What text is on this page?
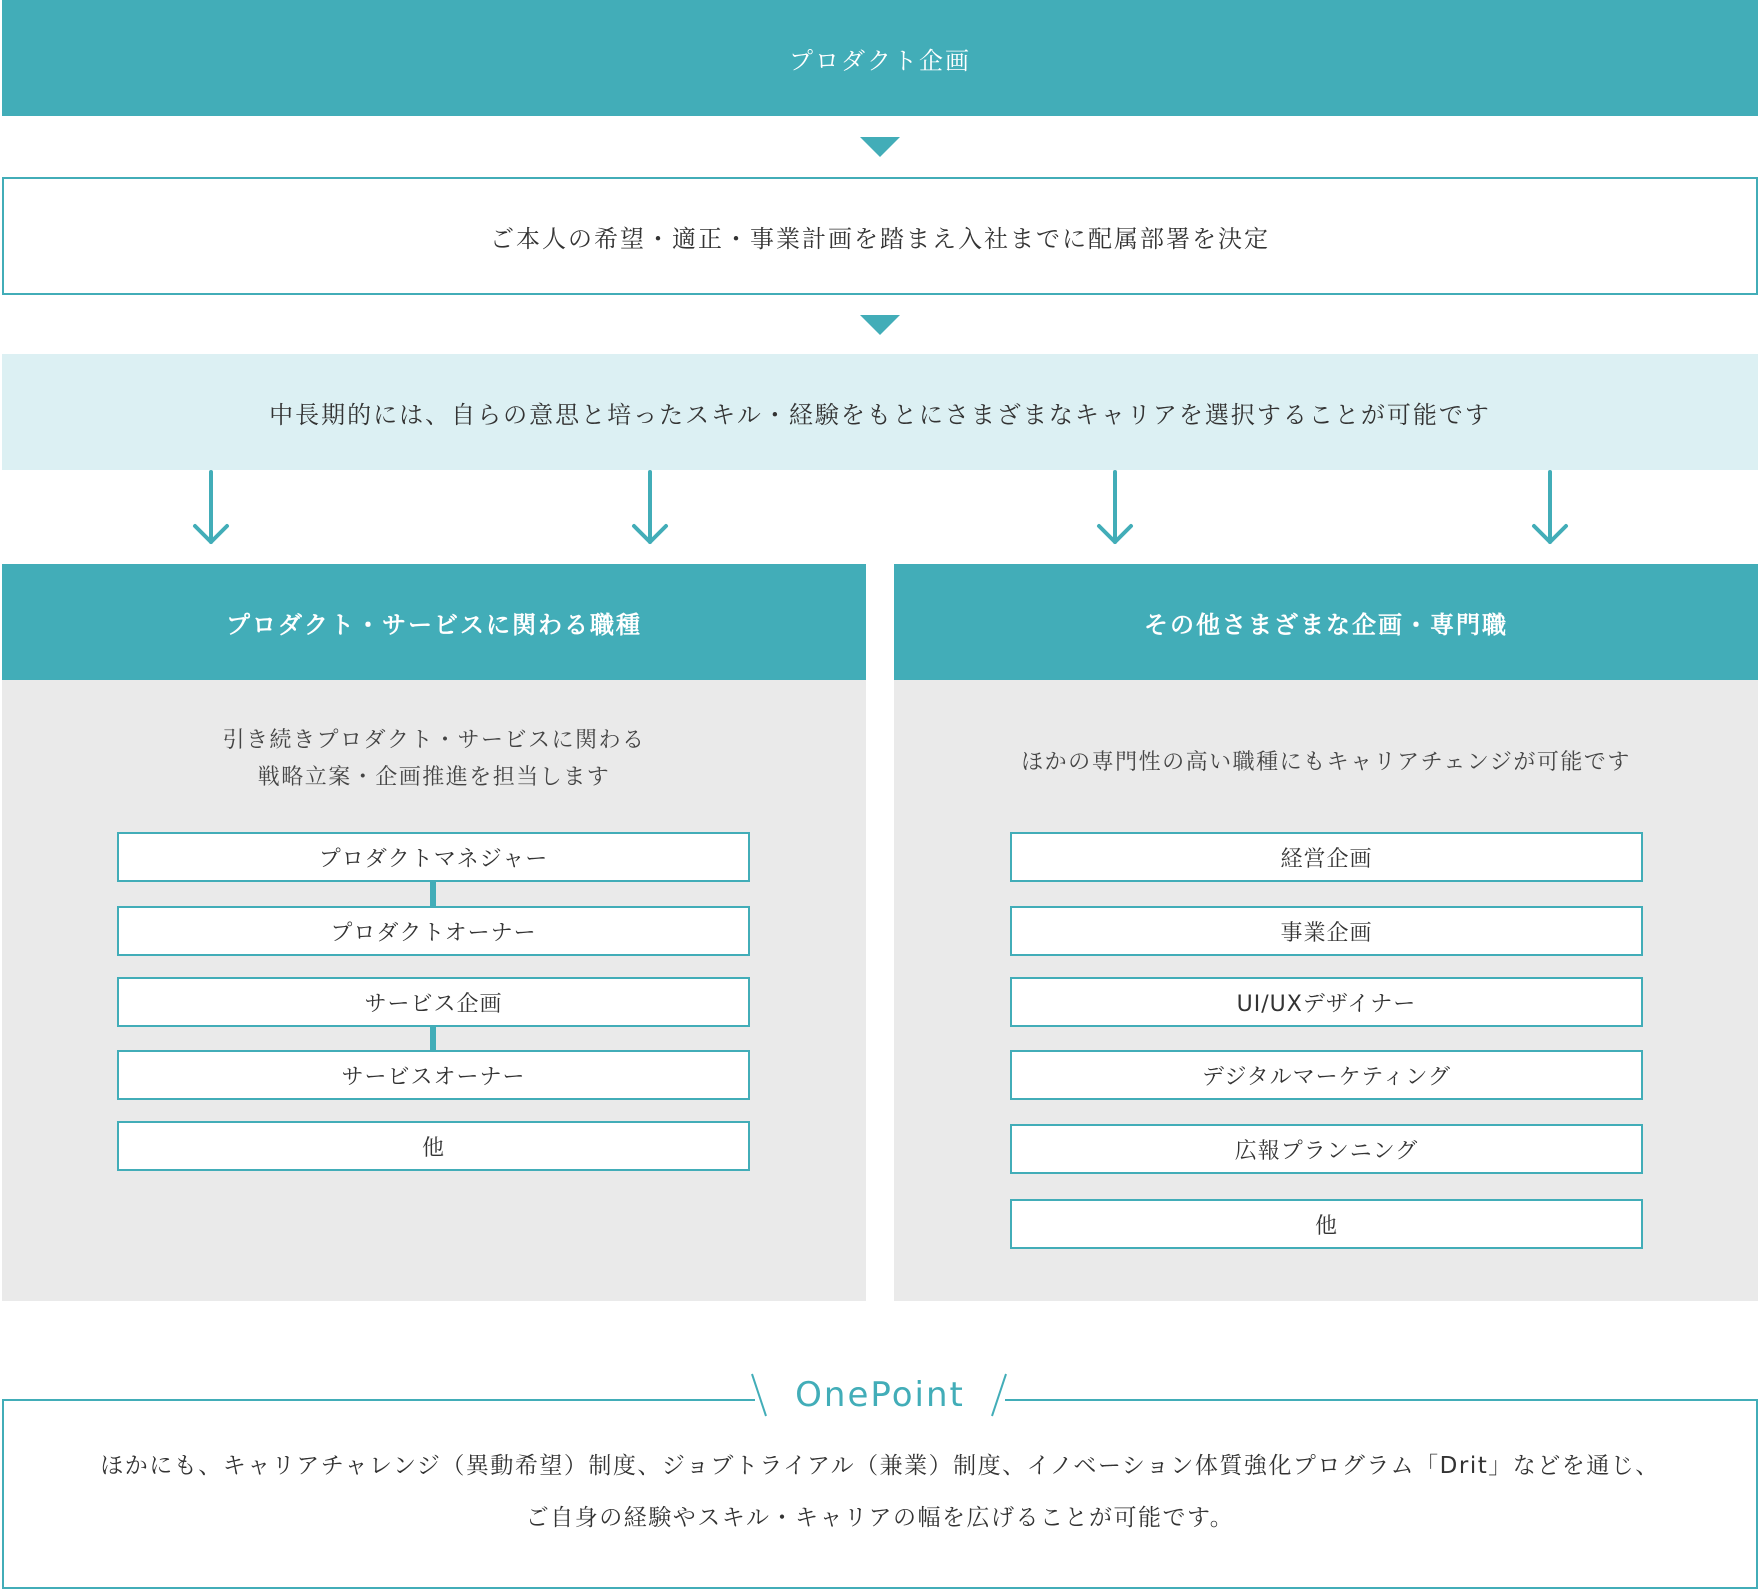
プロダクト企画
ご本人の希望・適正・事業計画を踏まえ入社までに配属部署を決定
中長期的には、自らの意思と培ったスキル・経験をもとにさまざまなキャリアを選択することが可能です
プロダクト・サービスに関わる職種
引き続きプロダクト・サービスに関わる
戦略立案・企画推進を担当します
プロダクトマネジャー
プロダクトオーナー
サービス企画
サービスオーナー
他
その他さまざまな企画・専門職
ほかの専門性の高い職種にもキャリアチェンジが可能です
経営企画
事業企画
UI/UXデザイナー
デジタルマーケティング
広報プランニング
他
OnePoint
ほかにも、キャリアチャレンジ（異動希望）制度、ジョブトライアル（兼業）制度、イノベーション体質強化プログラム「Drit」などを通じ、
ご自身の経験やスキル・キャリアの幅を広げることが可能です。
